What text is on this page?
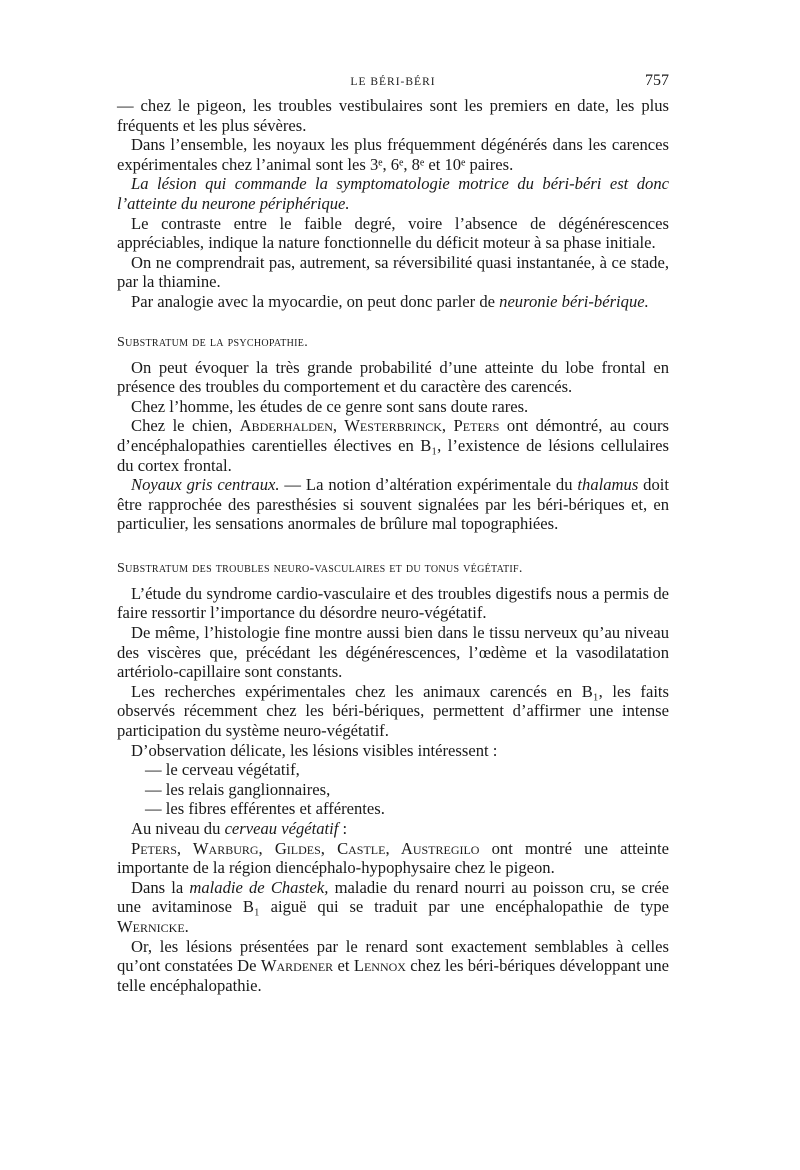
LE BÉRI-BÉRI	757

— chez le pigeon, les troubles vestibulaires sont les premiers en date, les plus fréquents et les plus sévères.

Dans l’ensemble, les noyaux les plus fréquemment dégénérés dans les carences expérimentales chez l’animal sont les 3ᵉ, 6ᵉ, 8ᵉ et 10ᵉ paires.

La lésion qui commande la symptomatologie motrice du béri-béri est donc l’atteinte du neurone périphérique.

Le contraste entre le faible degré, voire l’absence de dégénérescences appréciables, indique la nature fonctionnelle du déficit moteur à sa phase initiale.

On ne comprendrait pas, autrement, sa réversibilité quasi instantanée, à ce stade, par la thiamine.

Par analogie avec la myocardie, on peut donc parler de neuronie béri-bérique.

Substratum de la psychopathie.

On peut évoquer la très grande probabilité d’une atteinte du lobe frontal en présence des troubles du comportement et du caractère des carencés.

Chez l’homme, les études de ce genre sont sans doute rares.

Chez le chien, Abderhalden, Westerbrinck, Peters ont démontré, au cours d’encéphalopathies carentielles électives en B₁, l’existence de lésions cellulaires du cortex frontal.

Noyaux gris centraux. — La notion d’altération expérimentale du thalamus doit être rapprochée des paresthésies si souvent signalées par les béri-bériques et, en particulier, les sensations anormales de brûlure mal topographiées.

Substratum des troubles neuro-vasculaires et du tonus végétatif.

L’étude du syndrome cardio-vasculaire et des troubles digestifs nous a permis de faire ressortir l’importance du désordre neuro-végétatif.

De même, l’histologie fine montre aussi bien dans le tissu nerveux qu’au niveau des viscères que, précédant les dégénérescences, l’œdème et la vasodilatation artériolo-capillaire sont constants.

Les recherches expérimentales chez les animaux carencés en B₁, les faits observés récemment chez les béri-bériques, permettent d’affirmer une intense participation du système neuro-végétatif.

D’observation délicate, les lésions visibles intéressent :

— le cerveau végétatif,
— les relais ganglionnaires,
— les fibres efférentes et afférentes.

Au niveau du cerveau végétatif :

Peters, Warburg, Gildes, Castle, Austregilo ont montré une atteinte importante de la région diencéphalo-hypophysaire chez le pigeon.

Dans la maladie de Chastek, maladie du renard nourri au poisson cru, se crée une avitaminose B₁ aiguë qui se traduit par une encéphalopathie de type Wernicke.

Or, les lésions présentées par le renard sont exactement semblables à celles qu’ont constatées De Wardener et Lennox chez les béri-bériques développant une telle encéphalopathie.
